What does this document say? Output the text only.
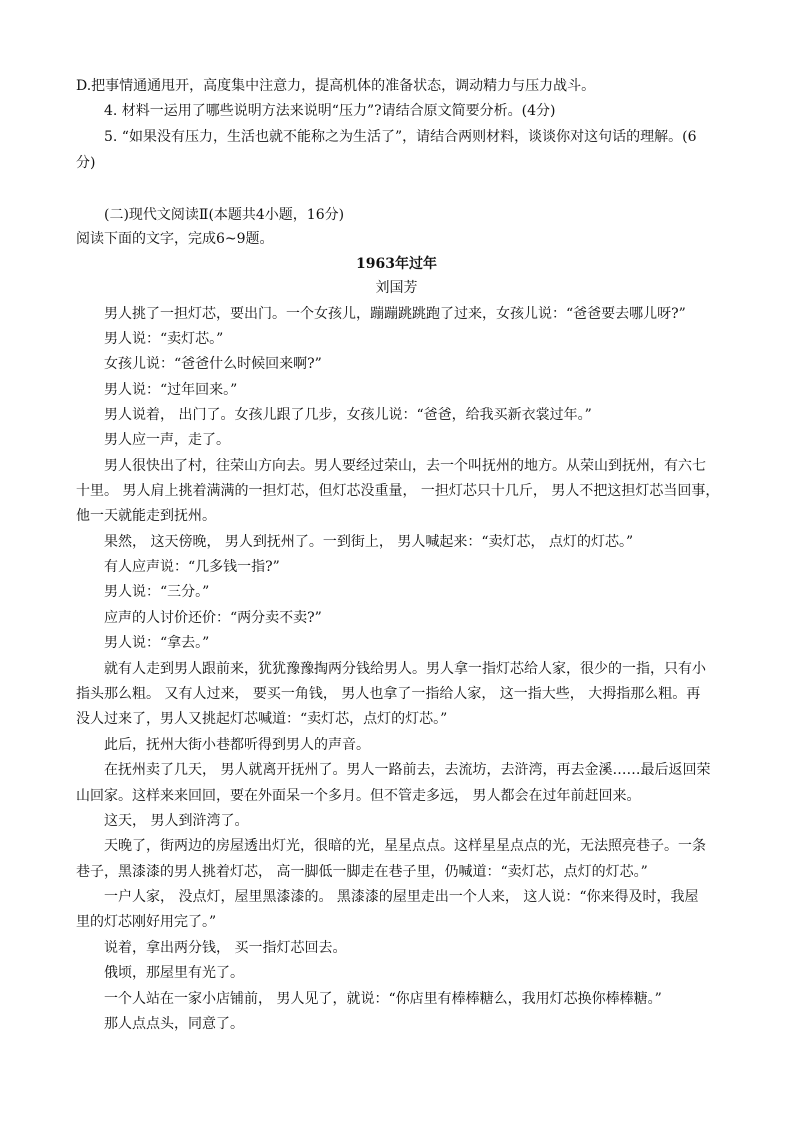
D.把事情通通甩开，高度集中注意力，提高机体的准备状态，调动精力与压力战斗。

4. 材料一运用了哪些说明方法来说明“压力”?请结合原文简要分析。(4分)

5. “如果没有压力，生活也就不能称之为生活了”，请结合两则材料，谈谈你对这句话的理解。(6

分)

(二)现代文阅读Ⅱ(本题共4小题，16分)

阅读下面的文字，完成6~9题。

1963年过年

刘国芳

男人挑了一担灯芯，要出门。一个女孩儿，蹦蹦跳跳跑了过来，女孩儿说：“爸爸要去哪儿呀?”

男人说：“卖灯芯。”

女孩儿说：“爸爸什么时候回来啊?”

男人说：“过年回来。”

男人说着， 出门了。女孩儿跟了几步，女孩儿说：“爸爸，给我买新衣裳过年。”

男人应一声，走了。

男人很快出了村，往荣山方向去。男人要经过荣山，去一个叫抚州的地方。从荣山到抚州，有六七

十里。 男人肩上挑着满满的一担灯芯，但灯芯没重量， 一担灯芯只十几斤， 男人不把这担灯芯当回事，

他一天就能走到抚州。

果然， 这天傍晚， 男人到抚州了。一到街上， 男人喊起来：“卖灯芯， 点灯的灯芯。”

有人应声说：“几多钱一指?”

男人说：“三分。”

应声的人讨价还价：“两分卖不卖?”

男人说：“拿去。”

就有人走到男人跟前来，犹犹豫豫掏两分钱给男人。男人拿一指灯芯给人家，很少的一指，只有小

指头那么粗。 又有人过来， 要买一角钱， 男人也拿了一指给人家， 这一指大些， 大拇指那么粗。再

没人过来了，男人又挑起灯芯喊道：“卖灯芯，点灯的灯芯。”

此后，抚州大街小巷都听得到男人的声音。

在抚州卖了几天， 男人就离开抚州了。男人一路前去，去流坊，去浒湾，再去金溪……最后返回荣

山回家。这样来来回回，要在外面呆一个多月。但不管走多远， 男人都会在过年前赶回来。

这天， 男人到浒湾了。

天晚了，街两边的房屋透出灯光，很暗的光，星星点点。这样星星点点的光，无法照亮巷子。一条

巷子，黑漆漆的男人挑着灯芯， 高一脚低一脚走在巷子里，仍喊道：“卖灯芯，点灯的灯芯。”

一户人家， 没点灯，屋里黑漆漆的。 黑漆漆的屋里走出一个人来， 这人说：“你来得及时，我屋

里的灯芯刚好用完了。”

说着，拿出两分钱， 买一指灯芯回去。

俄顷，那屋里有光了。

一个人站在一家小店铺前， 男人见了，就说：“你店里有棒棒糖么，我用灯芯换你棒棒糖。”

那人点点头，同意了。
